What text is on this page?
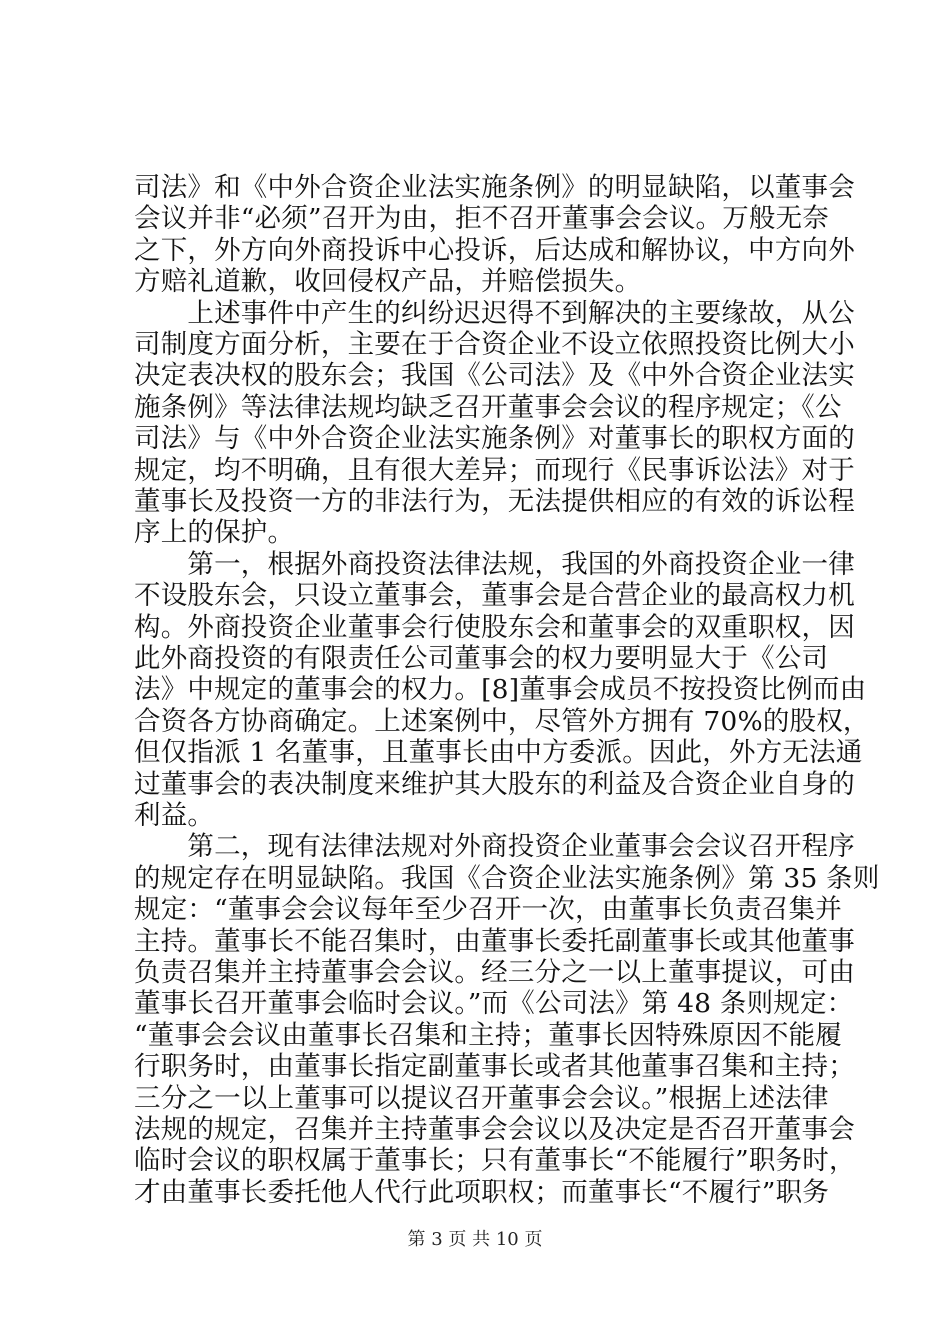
司法》和《中外合资企业法实施条例》的明显缺陷，以董事会
会议并非“必须”召开为由，拒不召开董事会会议。万般无奈
之下，外方向外商投诉中心投诉，后达成和解协议，中方向外
方赔礼道歉，收回侵权产品，并赔偿损失。
　　上述事件中产生的纠纷迟迟得不到解决的主要缘故，从公
司制度方面分析，主要在于合资企业不设立依照投资比例大小
决定表决权的股东会；我国《公司法》及《中外合资企业法实
施条例》等法律法规均缺乏召开董事会会议的程序规定；《公
司法》与《中外合资企业法实施条例》对董事长的职权方面的
规定，均不明确，且有很大差异；而现行《民事诉讼法》对于
董事长及投资一方的非法行为，无法提供相应的有效的诉讼程
序上的保护。
　　第一，根据外商投资法律法规，我国的外商投资企业一律
不设股东会，只设立董事会，董事会是合营企业的最高权力机
构。外商投资企业董事会行使股东会和董事会的双重职权，因
此外商投资的有限责任公司董事会的权力要明显大于《公司
法》中规定的董事会的权力。[8]董事会成员不按投资比例而由
合资各方协商确定。上述案例中，尽管外方拥有 70%的股权，
但仅指派 1 名董事，且董事长由中方委派。因此，外方无法通
过董事会的表决制度来维护其大股东的利益及合资企业自身的
利益。
　　第二，现有法律法规对外商投资企业董事会会议召开程序
的规定存在明显缺陷。我国《合资企业法实施条例》第 35 条则
规定：“董事会会议每年至少召开一次，由董事长负责召集并
主持。董事长不能召集时，由董事长委托副董事长或其他董事
负责召集并主持董事会会议。经三分之一以上董事提议，可由
董事长召开董事会临时会议。”而《公司法》第 48 条则规定：
“董事会会议由董事长召集和主持；董事长因特殊原因不能履
行职务时，由董事长指定副董事长或者其他董事召集和主持；
三分之一以上董事可以提议召开董事会会议。”根据上述法律
法规的规定，召集并主持董事会会议以及决定是否召开董事会
临时会议的职权属于董事长；只有董事长“不能履行”职务时，
才由董事长委托他人代行此项职权；而董事长“不履行”职务
第 3 页 共 10 页
